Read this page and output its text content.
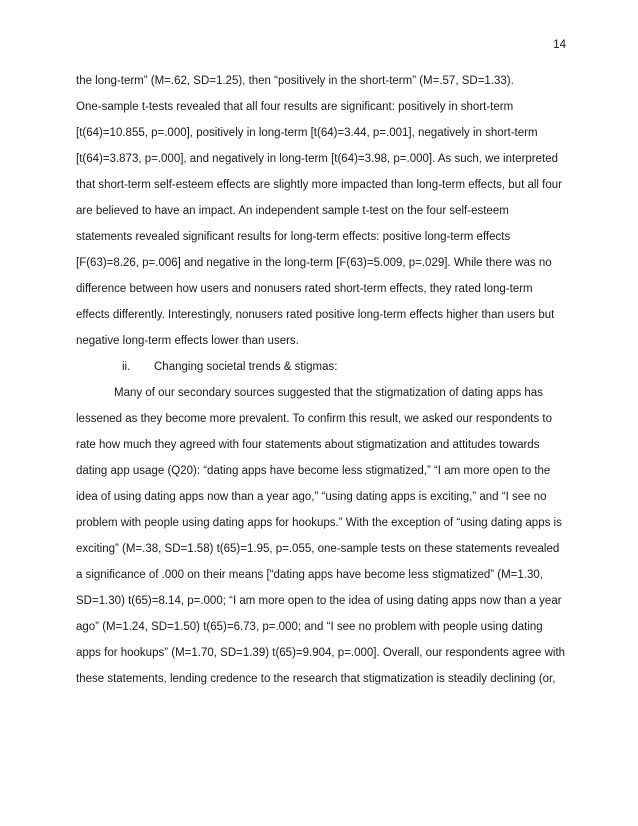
14
the long-term” (M=.62, SD=1.25), then “positively in the short-term” (M=.57, SD=1.33).
One-sample t-tests revealed that all four results are significant: positively in short-term
[t(64)=10.855, p=.000], positively in long-term [t(64)=3.44, p=.001], negatively in short-term
[t(64)=3.873, p=.000], and negatively in long-term [t(64)=3.98, p=.000]. As such, we interpreted
that short-term self-esteem effects are slightly more impacted than long-term effects, but all four
are believed to have an impact. An independent sample t-test on the four self-esteem
statements revealed significant results for long-term effects: positive long-term effects
[F(63)=8.26, p=.006] and negative in the long-term [F(63)=5.009, p=.029]. While there was no
difference between how users and nonusers rated short-term effects, they rated long-term
effects differently. Interestingly, nonusers rated positive long-term effects higher than users but
negative long-term effects lower than users.
ii. Changing societal trends & stigmas:
Many of our secondary sources suggested that the stigmatization of dating apps has
lessened as they become more prevalent. To confirm this result, we asked our respondents to
rate how much they agreed with four statements about stigmatization and attitudes towards
dating app usage (Q20): “dating apps have become less stigmatized,” “I am more open to the
idea of using dating apps now than a year ago,” “using dating apps is exciting,” and “I see no
problem with people using dating apps for hookups.” With the exception of “using dating apps is
exciting” (M=.38, SD=1.58) t(65)=1.95, p=.055, one-sample tests on these statements revealed
a significance of .000 on their means [“dating apps have become less stigmatized” (M=1.30,
SD=1.30) t(65)=8.14, p=.000; “I am more open to the idea of using dating apps now than a year
ago” (M=1.24, SD=1.50) t(65)=6.73, p=.000; and “I see no problem with people using dating
apps for hookups” (M=1.70, SD=1.39) t(65)=9.904, p=.000]. Overall, our respondents agree with
these statements, lending credence to the research that stigmatization is steadily declining (or,
